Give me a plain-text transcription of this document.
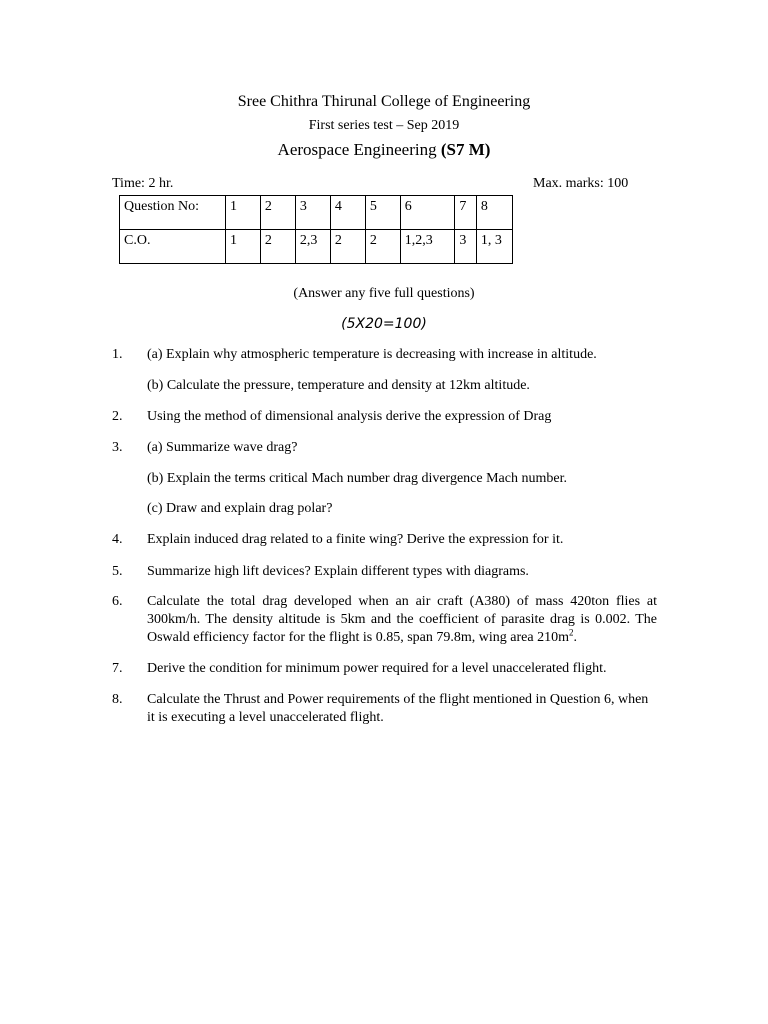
Sree Chithra Thirunal College of Engineering
First series test – Sep 2019
Aerospace Engineering (S7 M)
Time: 2 hr.	Max. marks: 100
Question No:	1	2	3	4	5	6	7	8
C.O.	1	2	2,3	2	2	1,2,3	3	1, 3
(Answer any five full questions)
(5X20=100)
1. (a) Explain why atmospheric temperature is decreasing with increase in altitude.
(b) Calculate the pressure, temperature and density at 12km altitude.
2. Using the method of dimensional analysis derive the expression of Drag
3. (a) Summarize wave drag?
(b) Explain the terms critical Mach number drag divergence Mach number.
(c) Draw and explain drag polar?
4. Explain induced drag related to a finite wing? Derive the expression for it.
5. Summarize high lift devices? Explain different types with diagrams.
6. Calculate the total drag developed when an air craft (A380) of mass 420ton flies at 300km/h. The density altitude is 5km and the coefficient of parasite drag is 0.002. The Oswald efficiency factor for the flight is 0.85, span 79.8m, wing area $210m^2$.
7. Derive the condition for minimum power required for a level unaccelerated flight.
8. Calculate the Thrust and Power requirements of the flight mentioned in Question 6, when it is executing a level unaccelerated flight.
